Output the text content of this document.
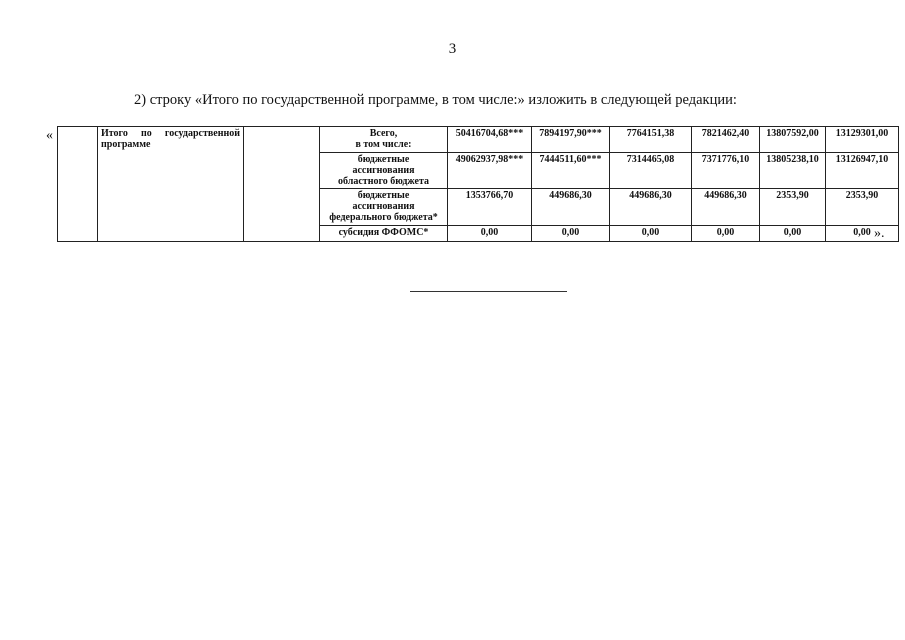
3
2) строку «Итого по государственной программе, в том числе:» изложить в следующей редакции:
«
		Итого по государственной программе		Всего,
в том числе:	50416704,68***	7894197,90***	7764151,38	7821462,40	13807592,00	13129301,00
			бюджетные
ассигнования
областного бюджета	49062937,98***	7444511,60***	7314465,08	7371776,10	13805238,10	13126947,10
			бюджетные
ассигнования
федерального бюджета*	1353766,70	449686,30	449686,30	449686,30	2353,90	2353,90
			субсидия ФФОМС*	0,00	0,00	0,00	0,00	0,00	0,00 ».
